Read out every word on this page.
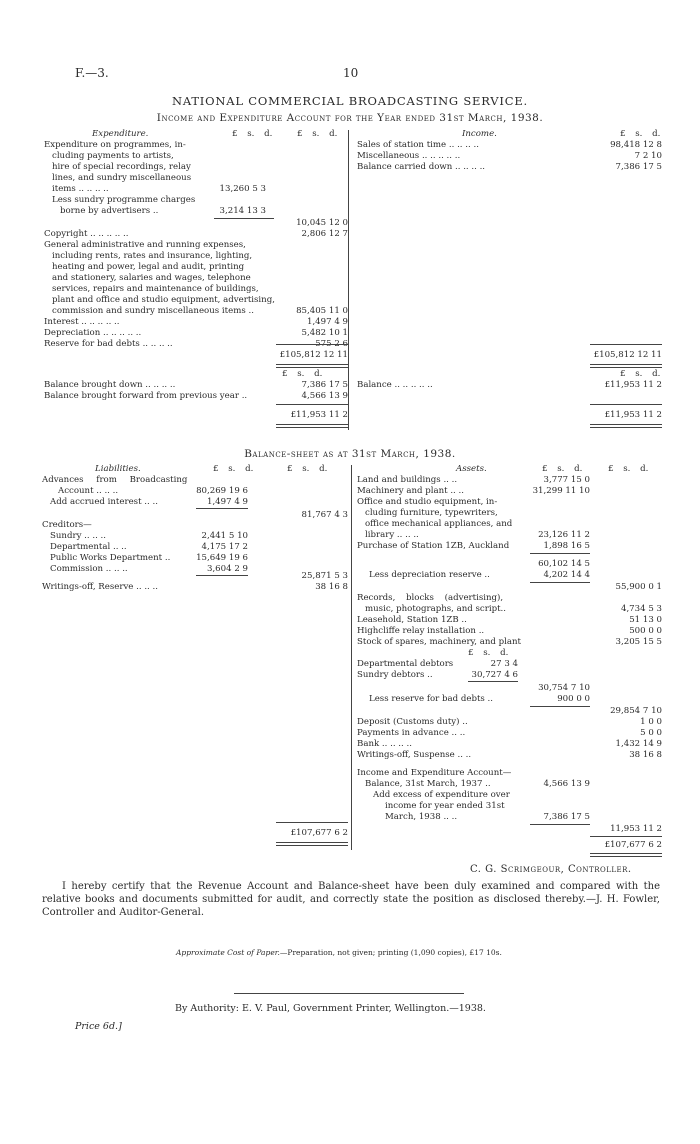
F.—3.	10
NATIONAL COMMERCIAL BROADCASTING SERVICE.
Income and Expenditure Account for the Year ended 31st March, 1938.
Expenditure.	£ s. d.	£ s. d.	Income.	£ s. d.
Expenditure on programmes, in-
cluding payments to artists,
hire of special recordings, relay
lines, and sundry miscellaneous
items .. .. .. ..	13,260 5 3
Less sundry programme charges
borne by advertisers ..	3,214 13 3
10,045 12 0
Copyright .. .. .. .. ..	2,806 12 7
General administrative and running expenses,
including rents, rates and insurance, lighting,
heating and power, legal and audit, printing
and stationery, salaries and wages, telephone
services, repairs and maintenance of buildings,
plant and office and studio equipment, advertising,
commission and sundry miscellaneous items ..	85,405 11 0
Interest .. .. .. .. ..	1,497 4 9
Depreciation .. .. .. .. ..	5,482 10 1
Reserve for bad debts .. .. .. ..	575 2 6
£105,812 12 11
Sales of station time .. .. .. ..	98,418 12 8
Miscellaneous .. .. .. .. ..	7 2 10
Balance carried down .. .. .. ..	7,386 17 5
£105,812 12 11
£ s. d.	£ s. d.
Balance brought down .. .. .. ..	7,386 17 5
Balance brought forward from previous year ..	4,566 13 9
Balance .. .. .. .. ..	£11,953 11 2
£11,953 11 2	£11,953 11 2
Balance-sheet as at 31st March, 1938.
Liabilities.	£ s. d.	£ s. d.	Assets.	£ s. d.	£ s. d.
Advances from Broadcasting
Account .. .. ..	80,269 19 6
Add accrued interest .. ..	1,497 4 9
81,767 4 3
Creditors—
Sundry .. .. ..	2,441 5 10
Departmental .. ..	4,175 17 2
Public Works Department ..	15,649 19 6
Commission .. .. ..	3,604 2 9
25,871 5 3
Writings-off, Reserve .. .. ..	38 16 8
£107,677 6 2
Land and buildings .. ..	3,777 15 0
Machinery and plant .. ..	31,299 11 10
Office and studio equipment, in-
cluding furniture, typewriters,
office mechanical appliances, and
library .. .. ..	23,126 11 2
Purchase of Station 1ZB, Auckland	1,898 16 5
60,102 14 5
Less depreciation reserve ..	4,202 14 4
55,900 0 1
Records, blocks (advertising),
music, photographs, and script..	4,734 5 3
Leasehold, Station 1ZB ..	51 13 0
Highcliffe relay installation ..	500 0 0
Stock of spares, machinery, and plant	3,205 15 5
£ s. d.
Departmental debtors	27 3 4
Sundry debtors ..	30,727 4 6
30,754 7 10
Less reserve for bad debts ..	900 0 0
29,854 7 10
Deposit (Customs duty) ..	1 0 0
Payments in advance .. ..	5 0 0
Bank .. .. .. ..	1,432 14 9
Writings-off, Suspense .. ..	38 16 8
Income and Expenditure Account—
Balance, 31st March, 1937 ..	4,566 13 9
Add excess of expenditure over
income for year ended 31st
March, 1938 .. ..	7,386 17 5
11,953 11 2
£107,677 6 2
C. G. Scrimgeour, Controller.
I hereby certify that the Revenue Account and Balance-sheet have been duly examined and compared with the relative books and documents submitted for audit, and correctly state the position as disclosed thereby.—J. H. Fowler, Controller and Auditor-General.
Approximate Cost of Paper.—Preparation, not given; printing (1,090 copies), £17 10s.
By Authority: E. V. Paul, Government Printer, Wellington.—1938.
Price 6d.]
